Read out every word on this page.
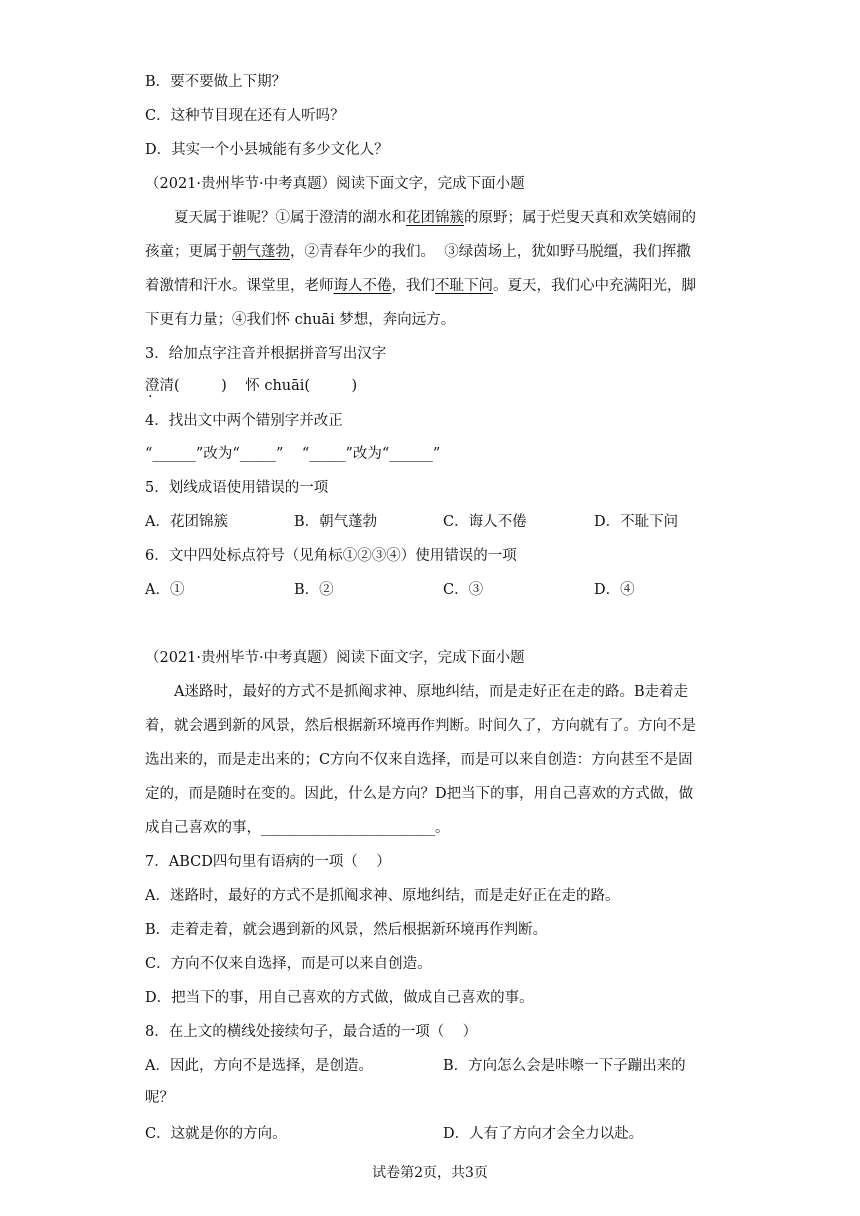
B．要不要做上下期？
C．这种节目现在还有人听吗？
D．其实一个小县城能有多少文化人？
（2021·贵州毕节·中考真题）阅读下面文字，完成下面小题
夏天属于谁呢？①属于澄清的湖水和花团锦簇的原野；属于烂叟天真和欢笑嬉闹的
孩童；更属于朝气蓬勃，②青春年少的我们。  ③绿茵场上，犹如野马脱缰，我们挥撒
着激情和汗水。课堂里，老师诲人不倦，我们不耻下问。夏天，我们心中充满阳光，脚
下更有力量；④我们怀 chuāi 梦想，奔向远方。
3．给加点字注音并根据拼音写出汉字
澄清(         )    怀 chuāi(         )
4．找出文中两个错别字并改正
“______”改为“_____”    “_____”改为“______”
5．划线成语使用错误的一项
A．花团锦簇	B．朝气蓬勃	C．诲人不倦	D．不耻下问
6．文中四处标点符号（见角标①②③④）使用错误的一项
A．①	B．②	C．③	D．④
（2021·贵州毕节·中考真题）阅读下面文字，完成下面小题
A迷路时，最好的方式不是抓阄求神、原地纠结，而是走好正在走的路。B走着走
着，就会遇到新的风景，然后根据新环境再作判断。时间久了，方向就有了。方向不是
选出来的，而是走出来的；C方向不仅来自选择，而是可以来自创造：方向甚至不是固
定的，而是随时在变的。因此，什么是方向？D把当下的事，用自己喜欢的方式做，做
成自己喜欢的事，________________________。
7．ABCD四句里有语病的一项（    ）
A．迷路时，最好的方式不是抓阄求神、原地纠结，而是走好正在走的路。
B．走着走着，就会遇到新的风景，然后根据新环境再作判断。
C．方向不仅来自选择，而是可以来自创造。
D．把当下的事，用自己喜欢的方式做，做成自己喜欢的事。
8．在上文的横线处接续句子，最合适的一项（    ）
A．因此，方向不是选择，是创造。	B．方向怎么会是咔嚓一下子蹦出来的
呢？
C．这就是你的方向。	D．人有了方向才会全力以赴。
试卷第2页，共3页
